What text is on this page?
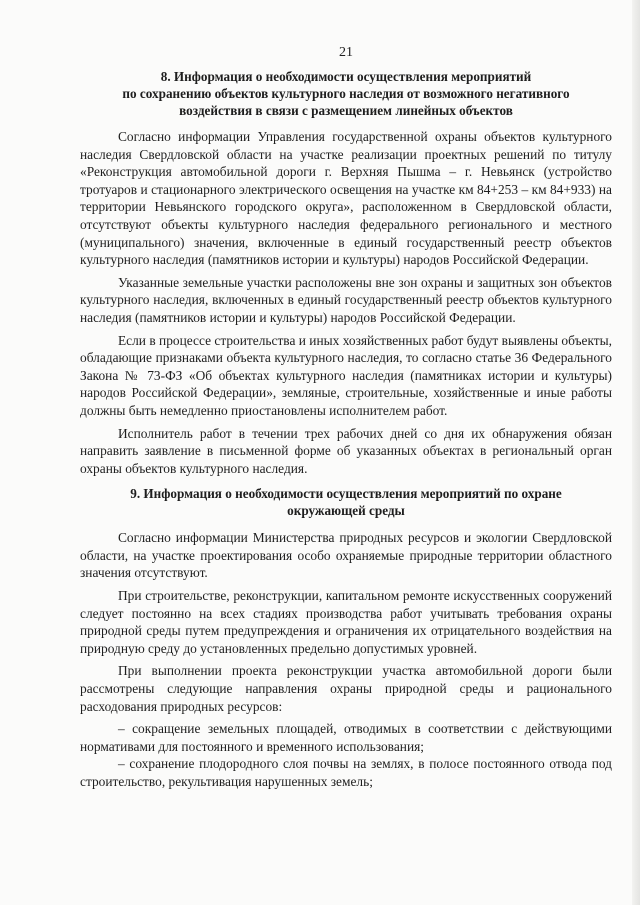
21
8. Информация о необходимости осуществления мероприятий
по сохранению объектов культурного наследия от возможного негативного
воздействия в связи с размещением линейных объектов

Согласно информации Управления государственной охраны объектов культурного наследия Свердловской области на участке реализации проектных решений по титулу «Реконструкция автомобильной дороги г. Верхняя Пышма – г. Невьянск (устройство тротуаров и стационарного электрического освещения на участке км 84+253 – км 84+933) на территории Невьянского городского округа», расположенном в Свердловской области, отсутствуют объекты культурного наследия федерального регионального и местного (муниципального) значения, включенные в единый государственный реестр объектов культурного наследия (памятников истории и культуры) народов Российской Федерации.

Указанные земельные участки расположены вне зон охраны и защитных зон объектов культурного наследия, включенных в единый государственный реестр объектов культурного наследия (памятников истории и культуры) народов Российской Федерации.

Если в процессе строительства и иных хозяйственных работ будут выявлены объекты, обладающие признаками объекта культурного наследия, то согласно статье 36 Федерального Закона № 73-ФЗ «Об объектах культурного наследия (памятниках истории и культуры) народов Российской Федерации», земляные, строительные, хозяйственные и иные работы должны быть немедленно приостановлены исполнителем работ.

Исполнитель работ в течении трех рабочих дней со дня их обнаружения обязан направить заявление в письменной форме об указанных объектах в региональный орган охраны объектов культурного наследия.

9. Информация о необходимости осуществления мероприятий по охране
окружающей среды

Согласно информации Министерства природных ресурсов и экологии Свердловской области, на участке проектирования особо охраняемые природные территории областного значения отсутствуют.

При строительстве, реконструкции, капитальном ремонте искусственных сооружений следует постоянно на всех стадиях производства работ учитывать требования охраны природной среды путем предупреждения и ограничения их отрицательного воздействия на природную среду до установленных предельно допустимых уровней.

При выполнении проекта реконструкции участка автомобильной дороги были рассмотрены следующие направления охраны природной среды и рационального расходования природных ресурсов:

– сокращение земельных площадей, отводимых в соответствии с действующими нормативами для постоянного и временного использования;

– сохранение плодородного слоя почвы на землях, в полосе постоянного отвода под строительство, рекультивация нарушенных земель;
